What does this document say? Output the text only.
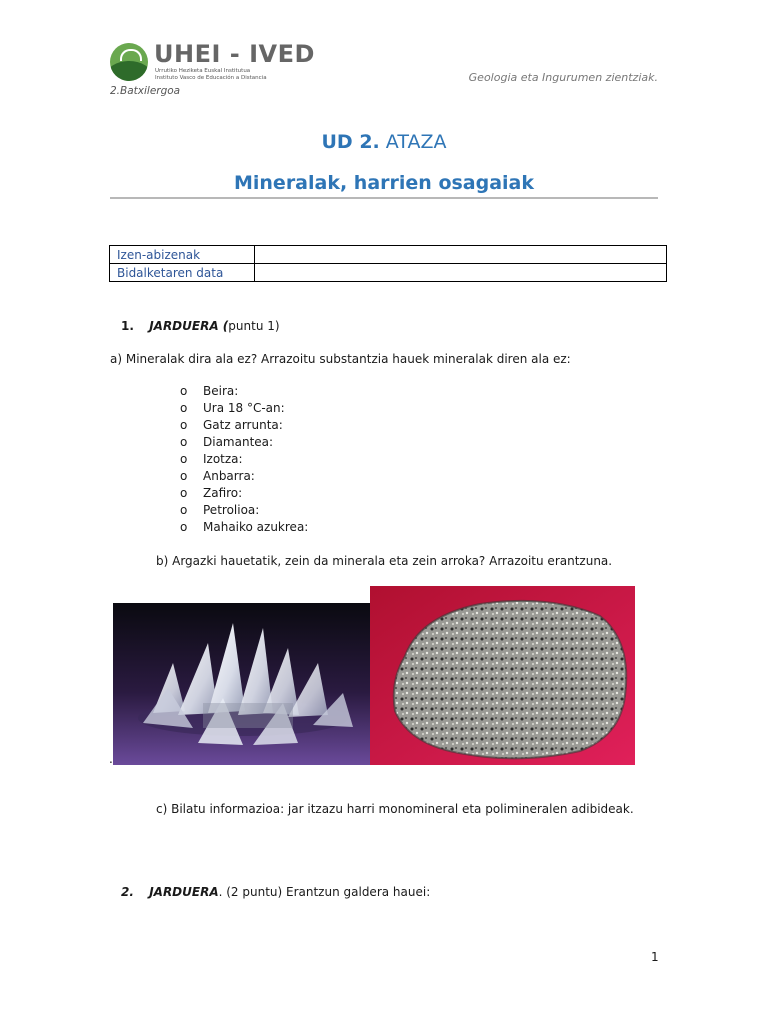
UHEI - IVED
Urrutiko Heziketa Euskal Institutua
Instituto Vasco de Educación a Distancia	Geologia eta Ingurumen zientziak.
2.Batxilergoa
UD 2. ATAZA
Mineralak, harrien osagaiak
Izen-abizenak	
Bidalketaren data	
1. JARDUERA (puntu 1)
a) Mineralak dira ala ez? Arrazoitu substantzia hauek mineralak diren ala ez:
o Beira:
o Ura 18 °C-an:
o Gatz arrunta:
o Diamantea:
o Izotza:
o Anbarra:
o Zafiro:
o Petrolioa:
o Mahaiko azukrea:
b) Argazki hauetatik, zein da minerala eta zein arroka? Arrazoitu erantzuna.
.
c) Bilatu informazioa: jar itzazu harri monomineral eta polimineralen adibideak.
2. JARDUERA. (2 puntu) Erantzun galdera hauei:
1
